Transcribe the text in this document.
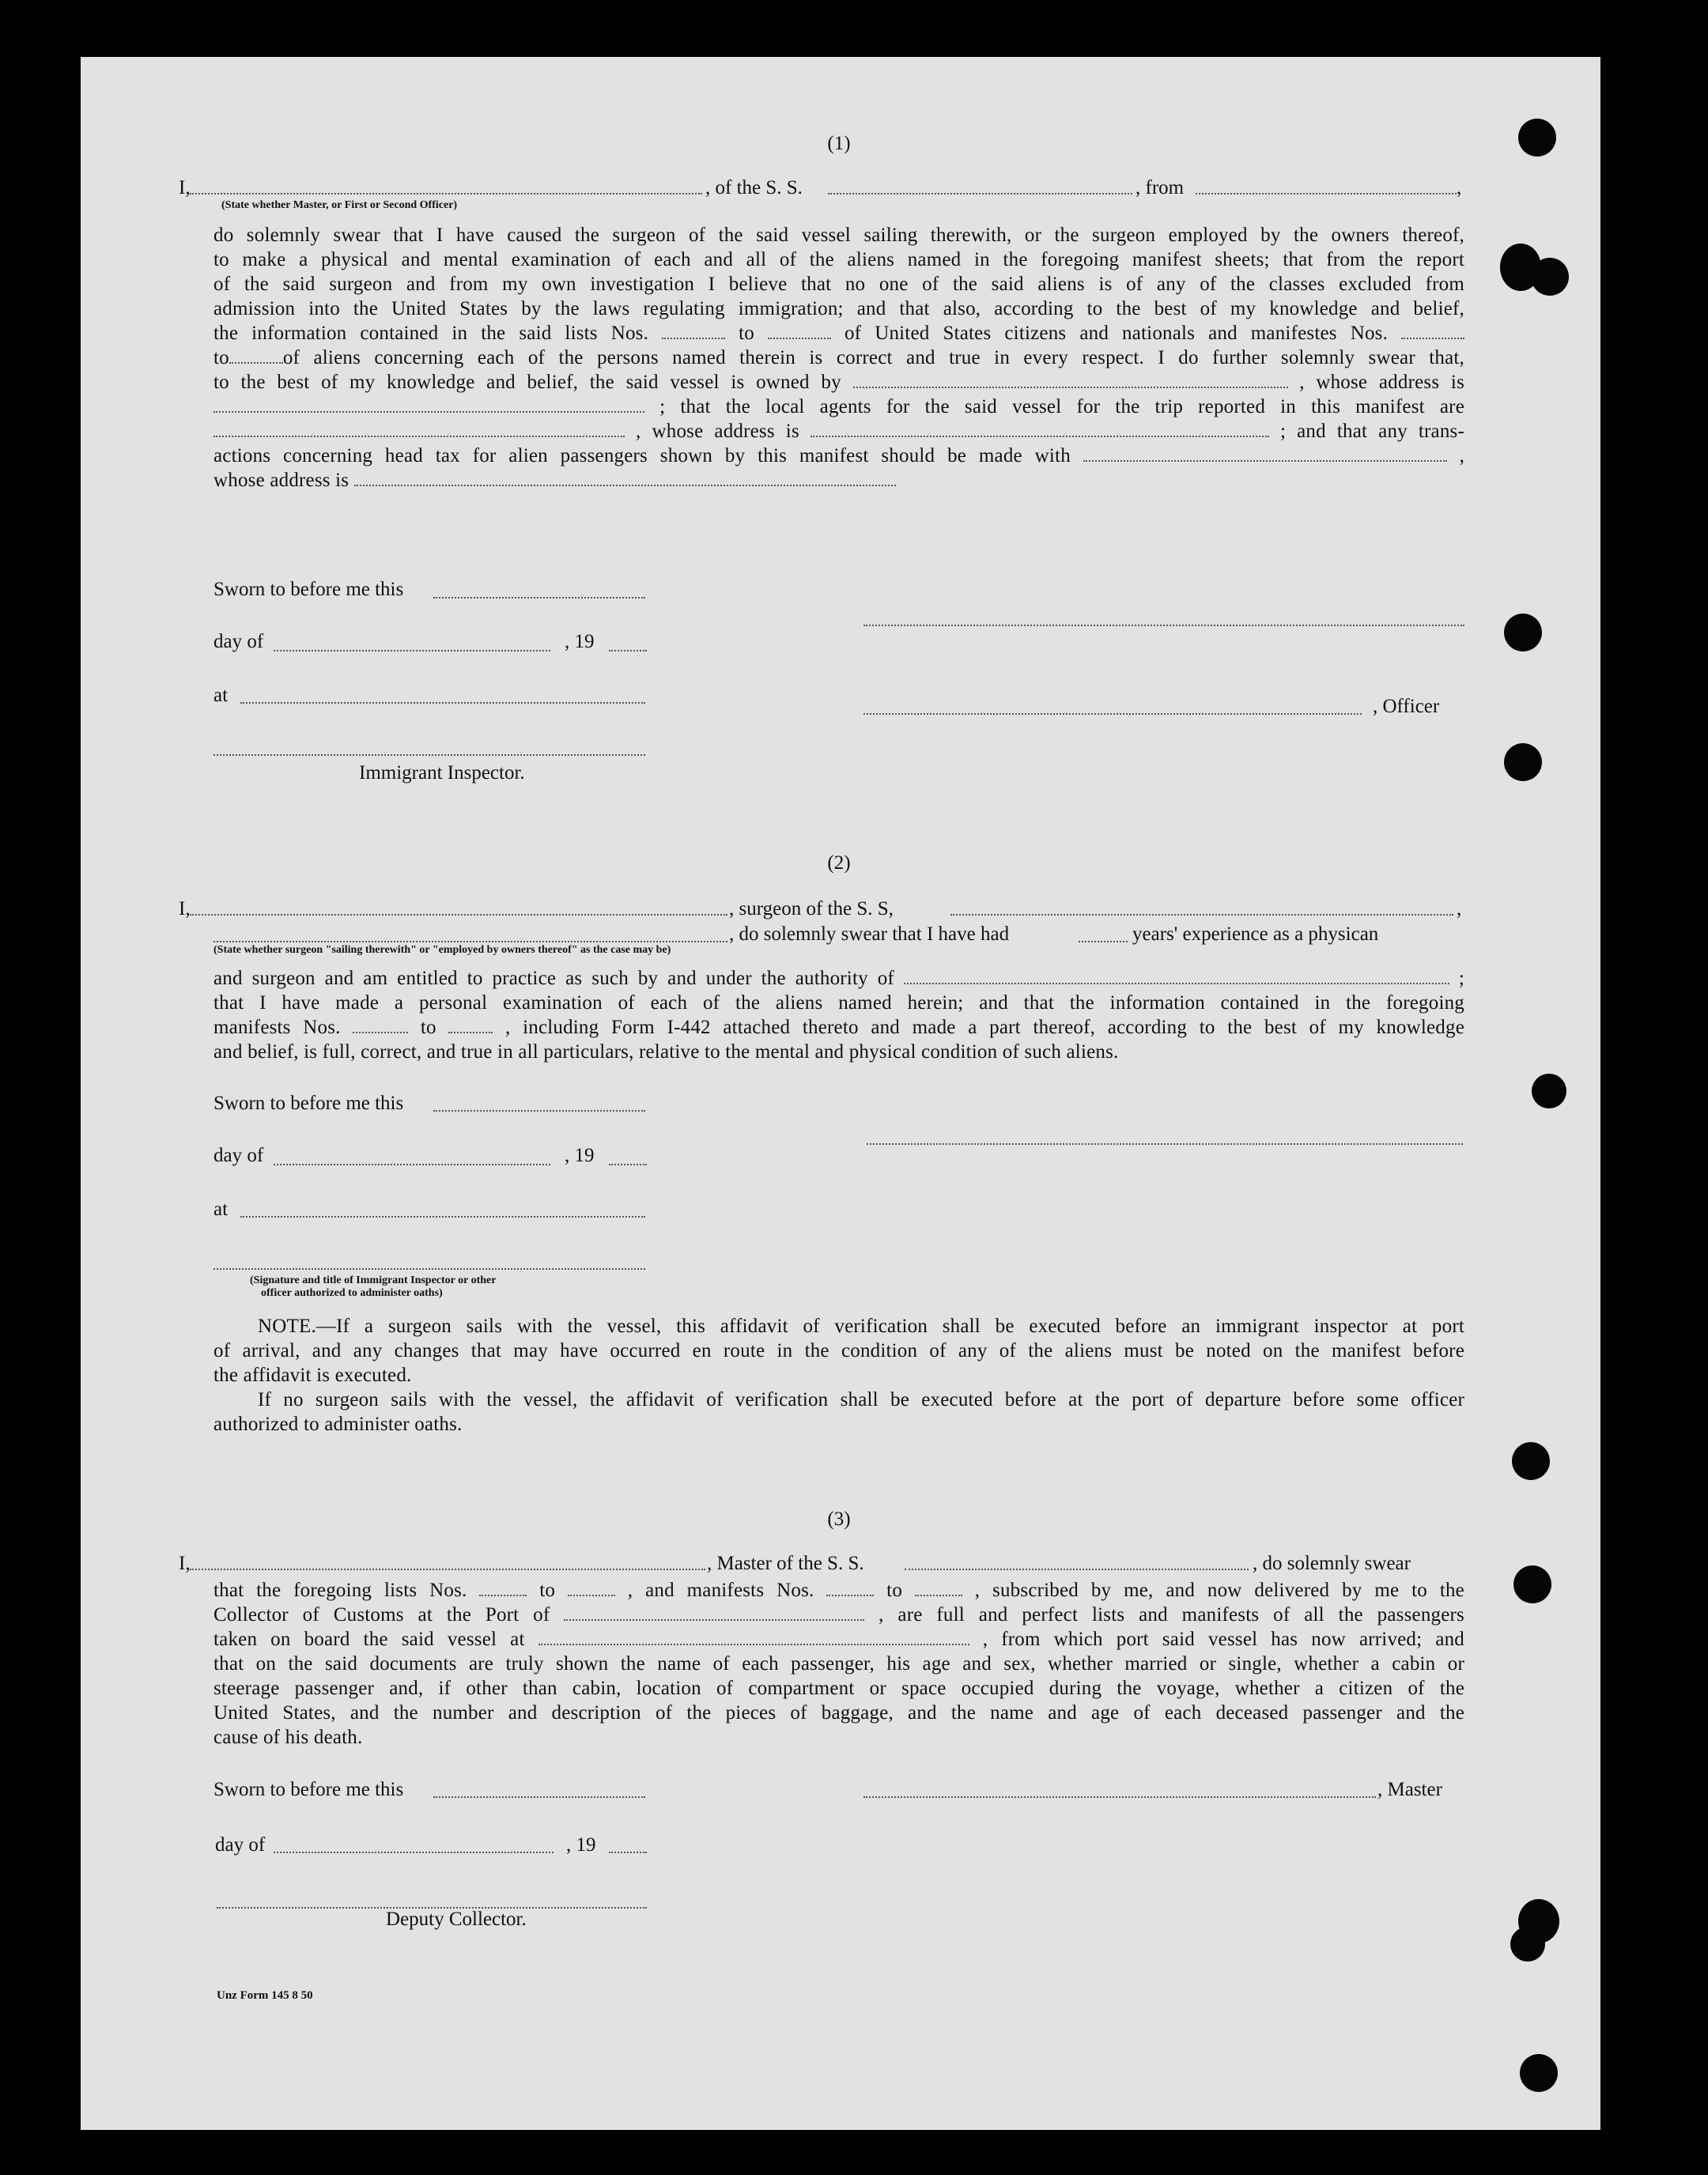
(1)
I,	, of the S. S.	, from	,
(State whether Master, or First or Second Officer)
do solemnly swear that I have caused the surgeon of the said vessel sailing therewith, or the surgeon employed by the owners thereof,
to make a physical and mental examination of each and all of the aliens named in the foregoing manifest sheets; that from the report
of the said surgeon and from my own investigation I believe that no one of the said aliens is of any of the classes excluded from
admission into the United States by the laws regulating immigration; and that also, according to the best of my knowledge and belief,
the information contained in the said lists Nos.	to	of United States citizens and nationals and manifestes Nos.
to	of aliens concerning each of the persons named therein is correct and true in every respect. I do further solemnly swear that,
to the best of my knowledge and belief, the said vessel is owned by	, whose address is
; that the local agents for the said vessel for the trip reported in this manifest are
, whose address is	; and that any trans-
actions concerning head tax for alien passengers shown by this manifest should be made with	,
whose address is
Sworn to before me this
day of	, 19
at
, Officer
Immigrant Inspector.
(2)
I,	, surgeon of the S. S,	,
, do solemnly swear that I have had	years' experience as a physican
(State whether surgeon "sailing therewith" or "employed by owners thereof" as the case may be)
and surgeon and am entitled to practice as such by and under the authority of	;
that I have made a personal examination of each of the aliens named herein; and that the information contained in the foregoing
manifests Nos.	to	, including Form I-442 attached thereto and made a part thereof, according to the best of my knowledge
and belief, is full, correct, and true in all particulars, relative to the mental and physical condition of such aliens.
Sworn to before me this
day of	, 19
at
(Signature and title of Immigrant Inspector or other
officer authorized to administer oaths)
NOTE.—If a surgeon sails with the vessel, this affidavit of verification shall be executed before an immigrant inspector at port
of arrival, and any changes that may have occurred en route in the condition of any of the aliens must be noted on the manifest before
the affidavit is executed.
If no surgeon sails with the vessel, the affidavit of verification shall be executed before at the port of departure before some officer
authorized to administer oaths.
(3)
I,	, Master of the S. S.	, do solemnly swear
that the foregoing lists Nos.	to	, and manifests Nos.	to	, subscribed by me, and now delivered by me to the
Collector of Customs at the Port of	, are full and perfect lists and manifests of all the passengers
taken on board the said vessel at	, from which port said vessel has now arrived; and
that on the said documents are truly shown the name of each passenger, his age and sex, whether married or single, whether a cabin or
steerage passenger and, if other than cabin, location of compartment or space occupied during the voyage, whether a citizen of the
United States, and the number and description of the pieces of baggage, and the name and age of each deceased passenger and the
cause of his death.
Sworn to before me this	, Master
day of	, 19
Deputy Collector.
Unz Form 145 8 50
